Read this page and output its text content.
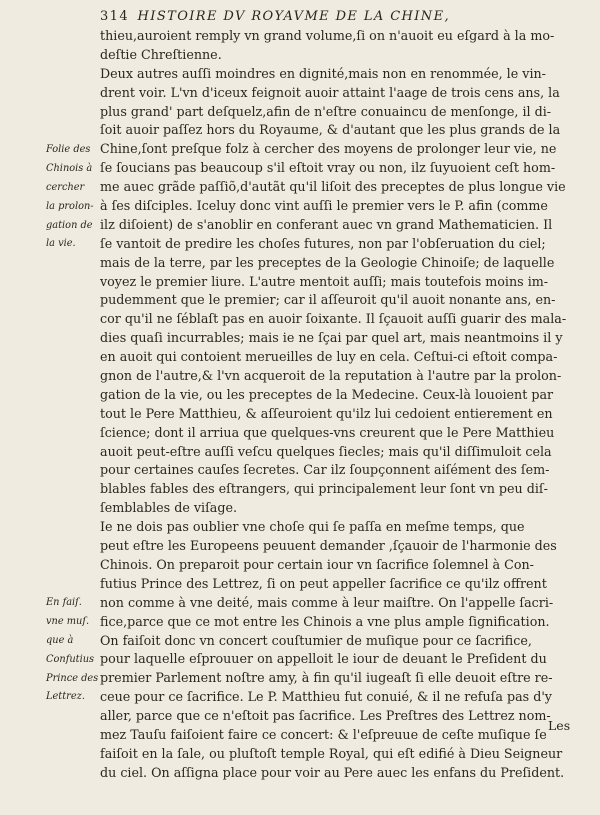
314 HISTOIRE DV ROYAVME DE LA CHINE,
thieu,auroient remply vn grand volume,ſi on n'auoit eu eſgard à la mo-
deſtie Chreſtienne.
Deux autres auſſi moindres en dignité,mais non en renommée, le vin-
drent voir. L'vn d'iceux feignoit auoir attaint l'aage de trois cens ans, la
plus grand' part deſquelz,afin de n'eſtre conuaincu de menſonge, il di-
ſoit auoir paſſez hors du Royaume, & d'autant que les plus grands de la
Chine,ſont preſque folz à cercher des moyens de prolonger leur vie, ne
ſe ſoucians pas beaucoup s'il eſtoit vray ou non, ilz ſuyuoient ceſt hom-
me auec grãde paſſiõ,d'autãt qu'il liſoit des preceptes de plus longue vie
à ſes diſciples. Iceluy donc vint auſſi le premier vers le P. afin (comme
ilz diſoient) de s'anoblir en conferant auec vn grand Mathematicien. Il
ſe vantoit de predire les choſes futures, non par l'obſeruation du ciel;
mais de la terre, par les preceptes de la Geologie Chinoiſe; de laquelle
voyez le premier liure. L'autre mentoit auſſi; mais toutefois moins im-
pudemment que le premier; car il aſſeuroit qu'il auoit nonante ans, en-
cor qu'il ne ſéblaſt pas en auoir ſoixante. Il ſçauoit auſſi guarir des mala-
dies quaſi incurrables; mais ie ne ſçai par quel art, mais neantmoins il y
en auoit qui contoient merueilles de luy en cela. Ceſtui-ci eſtoit compa-
gnon de l'autre,& l'vn acqueroit de la reputation à l'autre par la prolon-
gation de la vie, ou les preceptes de la Medecine. Ceux-là louoient par
tout le Pere Matthieu, & aſſeuroient qu'ilz lui cedoient entierement en
ſcience; dont il arriua que quelques-vns creurent que le Pere Matthieu
auoit peut-eſtre auſſi veſcu quelques ſiecles; mais qu'il diſſimuloit cela
pour certaines cauſes ſecretes. Car ilz ſoupçonnent aiſément des ſem-
blables fables des eſtrangers, qui principalement leur ſont vn peu diſ-
ſemblables de viſage.
Ie ne dois pas oublier vne choſe qui ſe paſſa en meſme temps, que
peut eſtre les Europeens peuuent demander ,ſçauoir de l'harmonie des
Chinois. On preparoit pour certain iour vn ſacrifice ſolemnel à Con-
futius Prince des Lettrez, ſi on peut appeller ſacrifice ce qu'ilz offrent
non comme à vne deité, mais comme à leur maiſtre. On l'appelle ſacri-
fice,parce que ce mot entre les Chinois a vne plus ample ſignification.
On faiſoit donc vn concert couſtumier de muſique pour ce ſacrifice,
pour laquelle eſprouuer on appelloit le iour de deuant le Preſident du
premier Parlement noſtre amy, à fin qu'il iugeaſt ſi elle deuoit eſtre re-
ceue pour ce ſacrifice. Le P. Matthieu fut conuié, & il ne refuſa pas d'y
aller, parce que ce n'eſtoit pas ſacrifice. Les Preſtres des Lettrez nom-
mez Tauſu faiſoient faire ce concert: & l'eſpreuue de ceſte muſique ſe
faiſoit en la ſale, ou pluſtoſt temple Royal, qui eſt edifié à Dieu Seigneur
du ciel. On aſſigna place pour voir au Pere auec les enfans du Preſident.
Folie des
Chinois à
cercher
la prolon-
gation de
la vie.
En faiſ.
vne muſ.
que à
Confutius
Prince des
Lettrez.
Les
